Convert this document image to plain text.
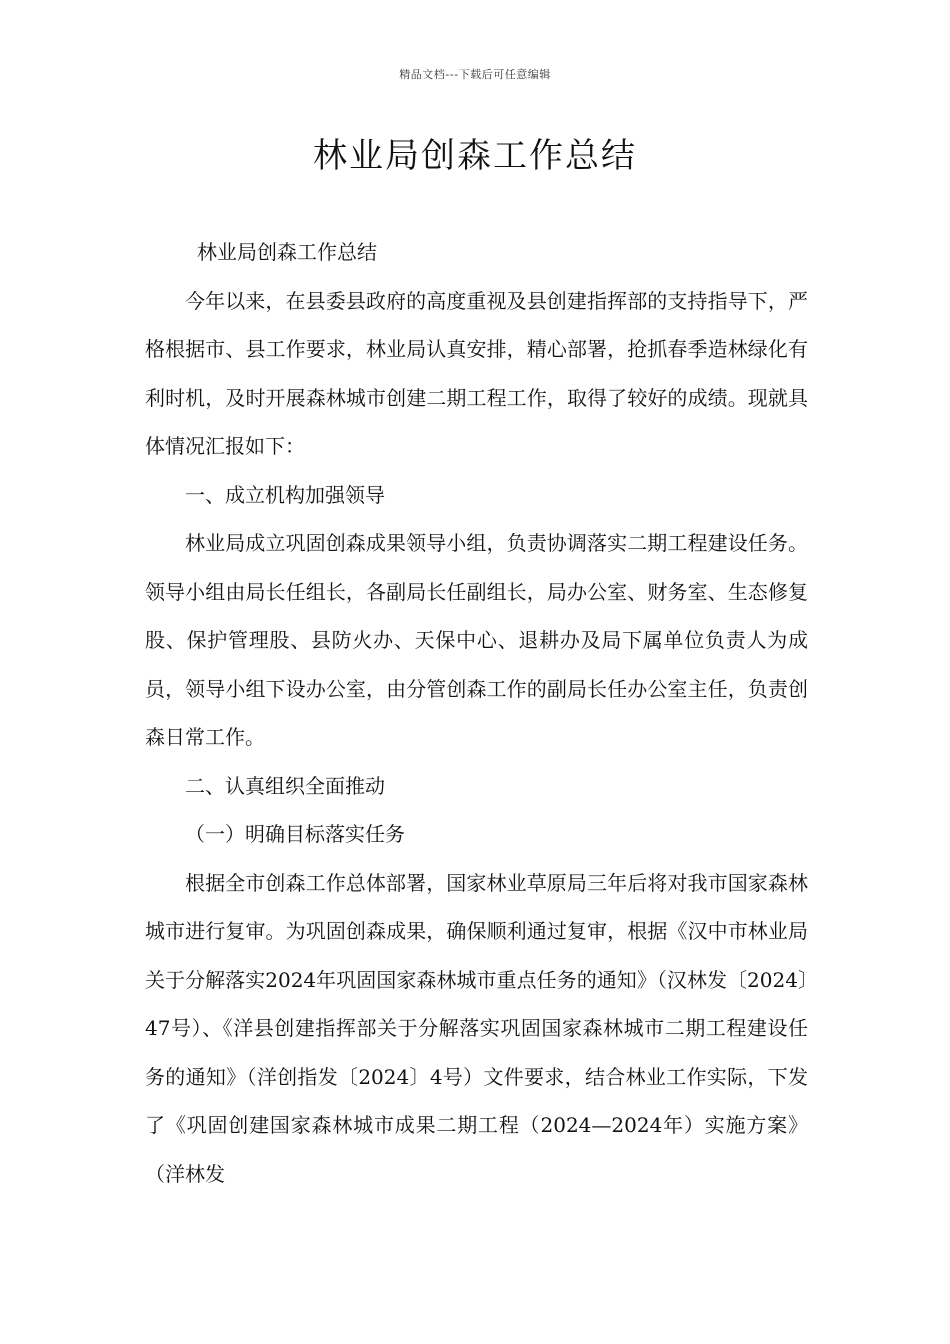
精品文档---下载后可任意编辑
林业局创森工作总结

林业局创森工作总结

今年以来，在县委县政府的高度重视及县创建指挥部的支持指导下，严格根据市、县工作要求，林业局认真安排，精心部署，抢抓春季造林绿化有利时机，及时开展森林城市创建二期工程工作，取得了较好的成绩。现就具体情况汇报如下：

一、成立机构加强领导

林业局成立巩固创森成果领导小组，负责协调落实二期工程建设任务。领导小组由局长任组长，各副局长任副组长，局办公室、财务室、生态修复股、保护管理股、县防火办、天保中心、退耕办及局下属单位负责人为成员，领导小组下设办公室，由分管创森工作的副局长任办公室主任，负责创森日常工作。

二、认真组织全面推动

（一）明确目标落实任务

根据全市创森工作总体部署，国家林业草原局三年后将对我市国家森林城市进行复审。为巩固创森成果，确保顺利通过复审，根据《汉中市林业局关于分解落实2024年巩固国家森林城市重点任务的通知》（汉林发〔2024〕47号）、《洋县创建指挥部关于分解落实巩固国家森林城市二期工程建设任务的通知》（洋创指发〔2024〕4号）文件要求，结合林业工作实际，下发了《巩固创建国家森林城市成果二期工程（2024—2024年）实施方案》（洋林发
